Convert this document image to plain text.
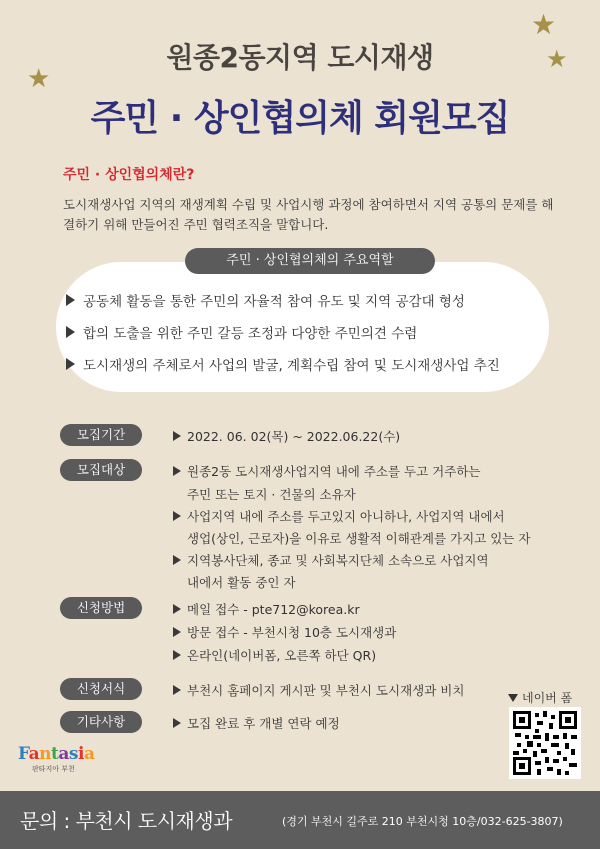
★
★
★
원종2동지역 도시재생
주민 · 상인협의체 회원모집
주민 · 상인협의체란?
도시재생사업 지역의 재생계획 수립 및 사업시행 과정에 참여하면서 지역 공통의 문제를 해결하기 위해 만들어진 주민 협력조직을 말합니다.
주민 · 상인협의체의 주요역할
공동체 활동을 통한 주민의 자율적 참여 유도 및 지역 공감대 형성
합의 도출을 위한 주민 갈등 조정과 다양한 주민의견 수렴
도시재생의 주체로서 사업의 발굴, 계획수립 참여 및 도시재생사업 추진
모집기간	2022. 06. 02(목) ~ 2022.06.22(수)
모집대상	원종2동 도시재생사업지역 내에 주소를 두고 거주하는
주민 또는 토지 · 건물의 소유자
사업지역 내에 주소를 두고있지 아니하나, 사업지역 내에서
생업(상인, 근로자)을 이유로 생활적 이해관계를 가지고 있는 자
지역봉사단체, 종교 및 사회복지단체 소속으로 사업지역
내에서 활동 중인 자
신청방법	메일 접수 - pte712@korea.kr
방문 접수 - 부천시청 10층 도시재생과
온라인(네이버폼, 오른쪽 하단 QR)
신청서식	부천시 홈페이지 게시판 및 부천시 도시재생과 비치
기타사항	모집 완료 후 개별 연락 예정
네이버 폼
Fantasia
판타지아 부천
문의 : 부천시 도시재생과	(경기 부천시 길주로 210 부천시청 10층/032-625-3807)
